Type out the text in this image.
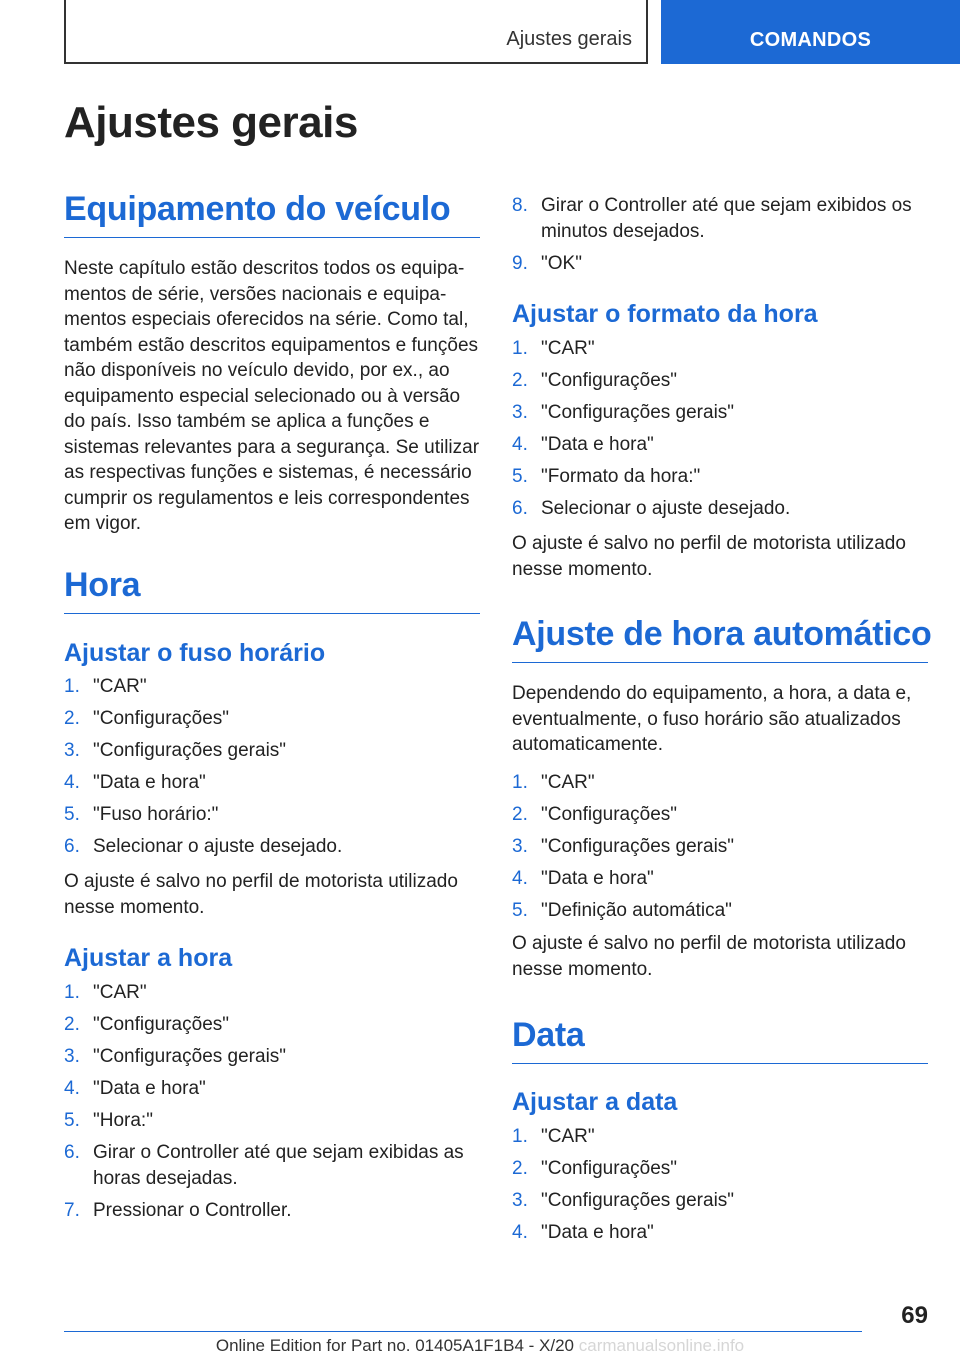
Ajustes gerais	COMANDOS
Ajustes gerais
Equipamento do veículo

Neste capítulo estão descritos todos os equipamentos de série, versões nacionais e equipamentos especiais oferecidos na série. Como tal, também estão descritos equipamentos e funções não disponíveis no veículo devido, por ex., ao equipamento especial selecionado ou à versão do país. Isso também se aplica a funções e sistemas relevantes para a segurança. Se utilizar as respectivas funções e sistemas, é necessário cumprir os regulamentos e leis correspondentes em vigor.

Hora
Ajustar o fuso horário
1. "CAR"
2. "Configurações"
3. "Configurações gerais"
4. "Data e hora"
5. "Fuso horário:"
6. Selecionar o ajuste desejado.

O ajuste é salvo no perfil de motorista utilizado nesse momento.

Ajustar a hora
1. "CAR"
2. "Configurações"
3. "Configurações gerais"
4. "Data e hora"
5. "Hora:"
6. Girar o Controller até que sejam exibidas as horas desejadas.
7. Pressionar o Controller.
8. Girar o Controller até que sejam exibidos os minutos desejados.
9. "OK"
Ajustar o formato da hora
1. "CAR"
2. "Configurações"
3. "Configurações gerais"
4. "Data e hora"
5. "Formato da hora:"
6. Selecionar o ajuste desejado.

O ajuste é salvo no perfil de motorista utilizado nesse momento.

Ajuste de hora automático

Dependendo do equipamento, a hora, a data e, eventualmente, o fuso horário são atualizados automaticamente.

1. "CAR"
2. "Configurações"
3. "Configurações gerais"
4. "Data e hora"
5. "Definição automática"

O ajuste é salvo no perfil de motorista utilizado nesse momento.

Data
Ajustar a data
1. "CAR"
2. "Configurações"
3. "Configurações gerais"
4. "Data e hora"
69
Online Edition for Part no. 01405A1F1B4 - X/20 carmanualsonline.info
